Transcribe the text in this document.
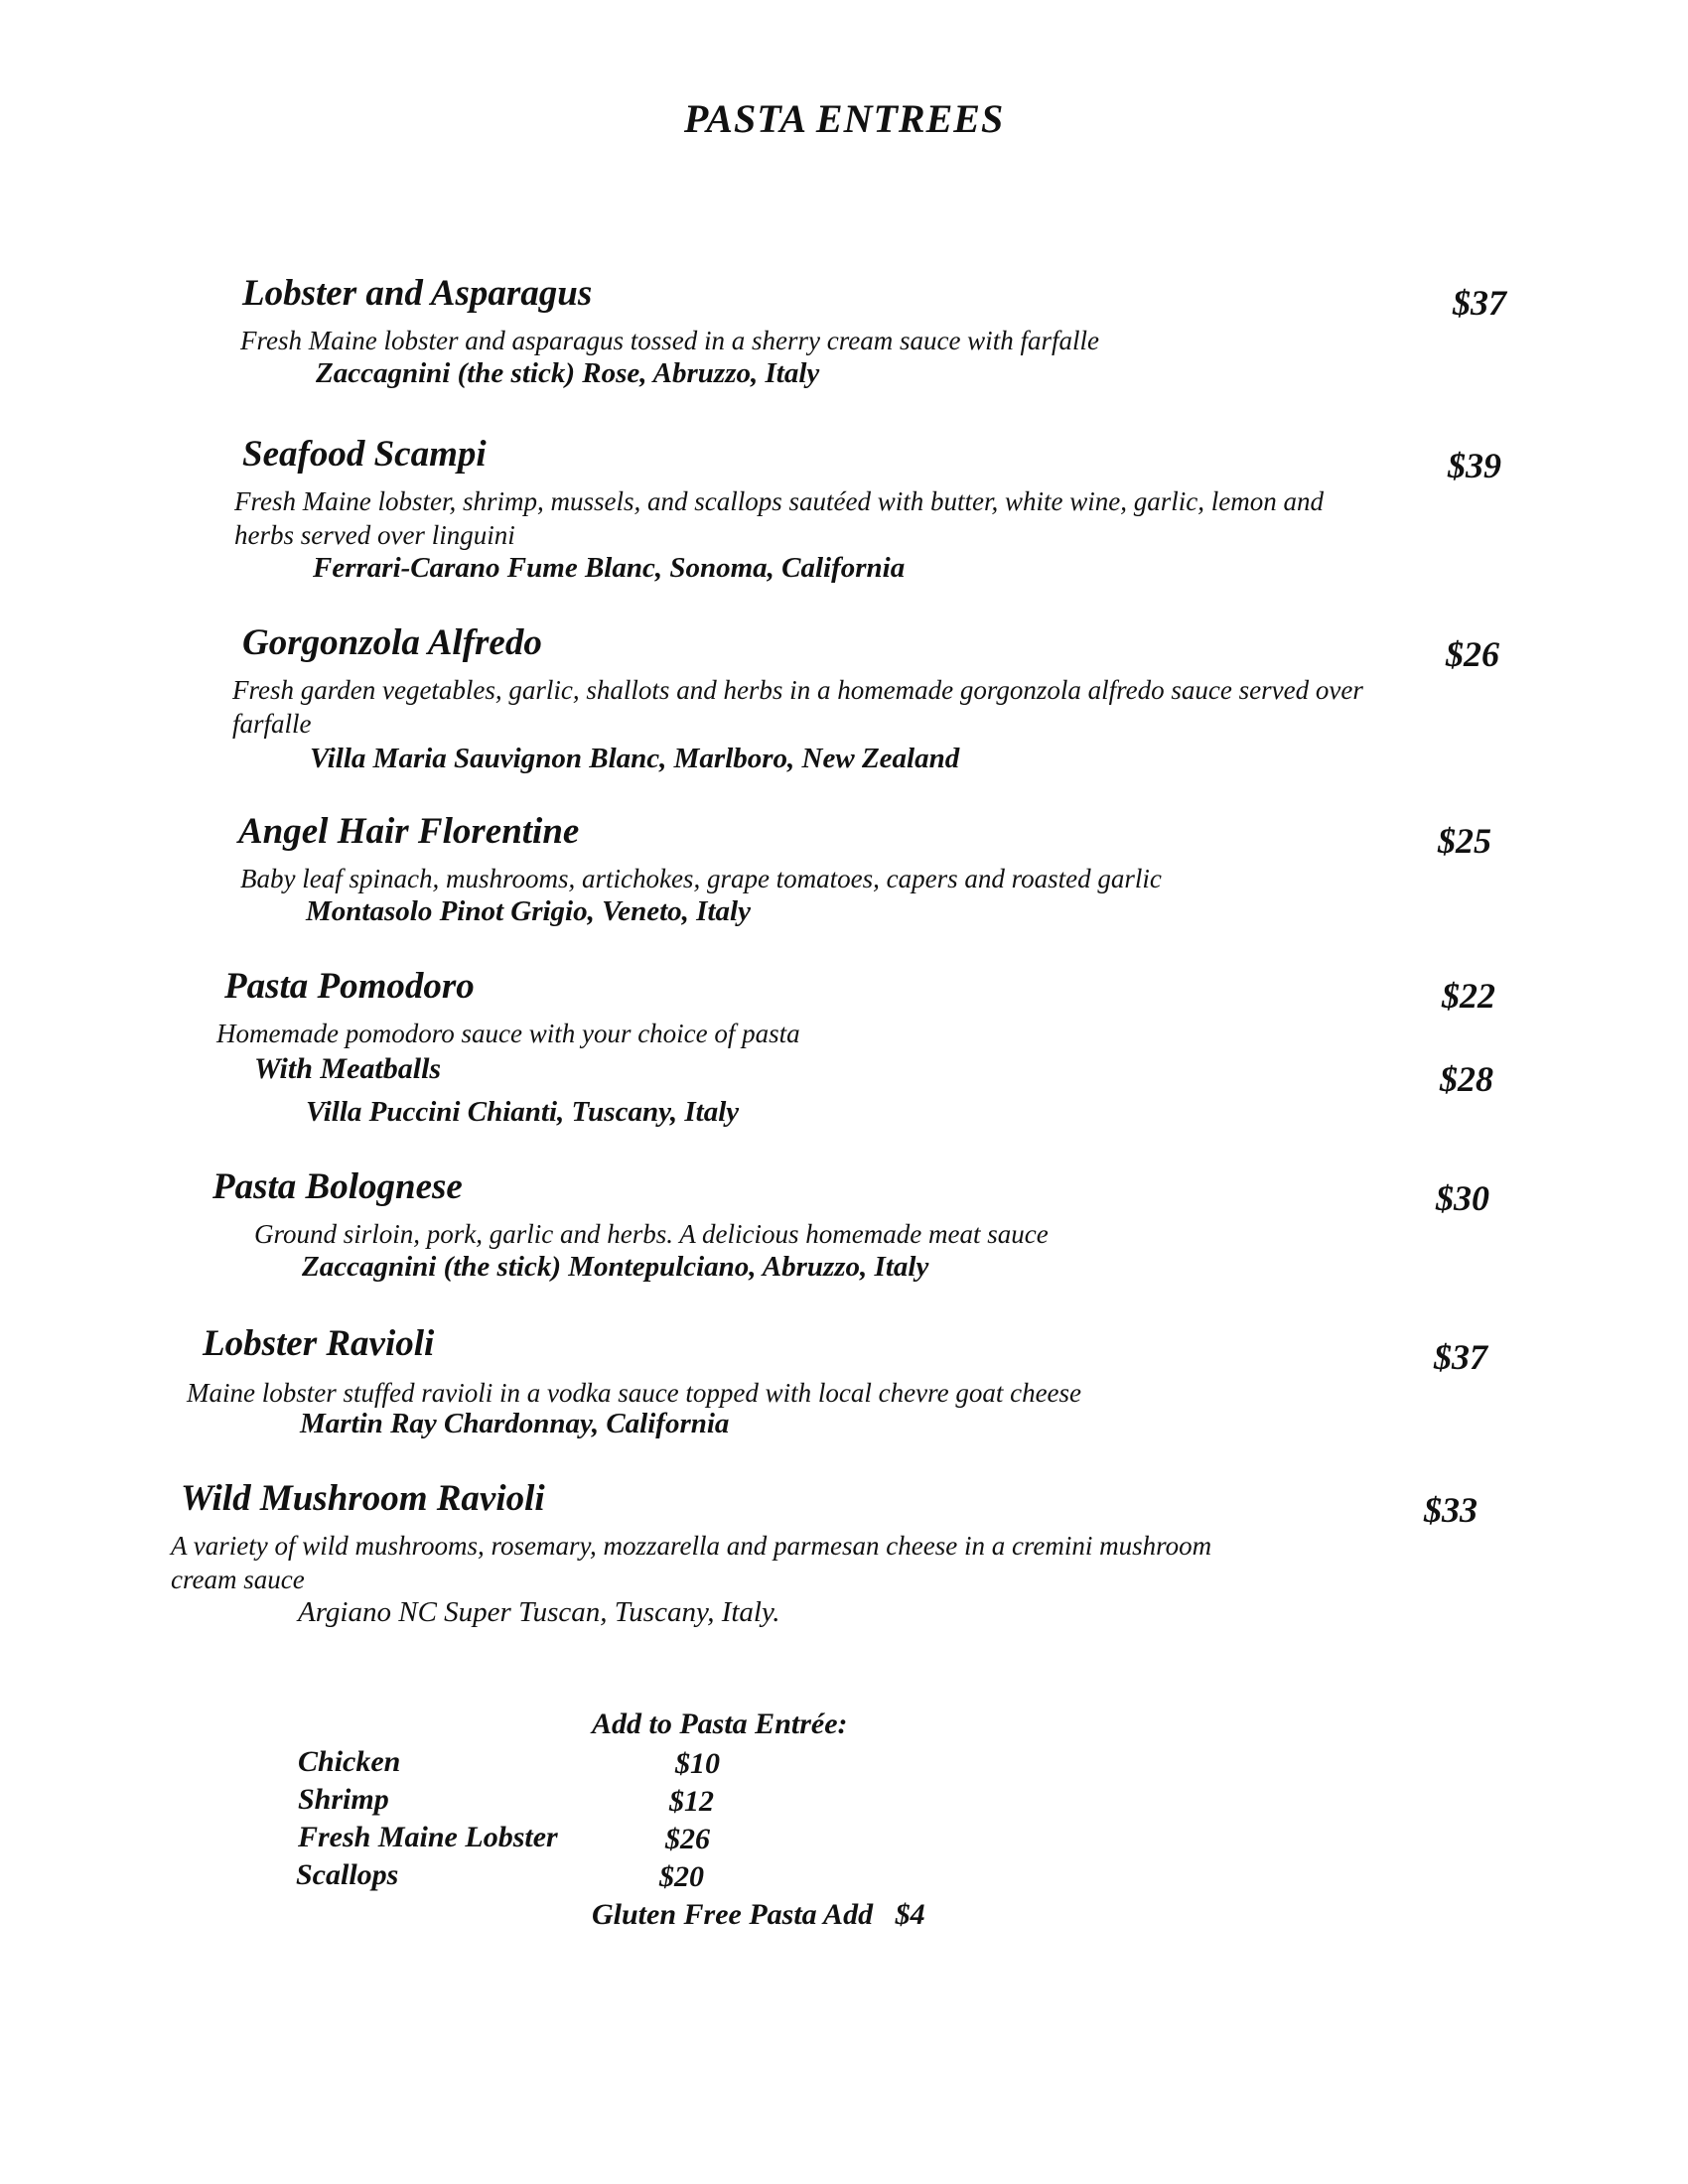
PASTA ENTREES
Lobster and Asparagus	$37
Fresh Maine lobster and asparagus tossed in a sherry cream sauce with farfalle
Zaccagnini (the stick) Rose, Abruzzo, Italy
Seafood Scampi	$39
Fresh Maine lobster, shrimp, mussels, and scallops sautéed with butter, white wine, garlic, lemon and herbs served over linguini
Ferrari-Carano Fume Blanc, Sonoma, California
Gorgonzola Alfredo	$26
Fresh garden vegetables, garlic, shallots and herbs in a homemade gorgonzola alfredo sauce served over farfalle
Villa Maria Sauvignon Blanc, Marlboro, New Zealand
Angel Hair Florentine	$25
Baby leaf spinach, mushrooms, artichokes, grape tomatoes, capers and roasted garlic
Montasolo Pinot Grigio, Veneto, Italy
Pasta Pomodoro	$22
Homemade pomodoro sauce with your choice of pasta
With Meatballs	$28
Villa Puccini Chianti, Tuscany, Italy
Pasta Bolognese	$30
Ground sirloin, pork, garlic and herbs. A delicious homemade meat sauce
Zaccagnini (the stick) Montepulciano, Abruzzo, Italy
Lobster Ravioli	$37
Maine lobster stuffed ravioli in a vodka sauce topped with local chevre goat cheese
Martin Ray Chardonnay, California
Wild Mushroom Ravioli	$33
A variety of wild mushrooms, rosemary, mozzarella and parmesan cheese in a cremini mushroom cream sauce
Argiano NC Super Tuscan, Tuscany, Italy.
Add to Pasta Entrée:
Chicken	$10
Shrimp	$12
Fresh Maine Lobster	$26
Scallops	$20
Gluten Free Pasta Add   $4
